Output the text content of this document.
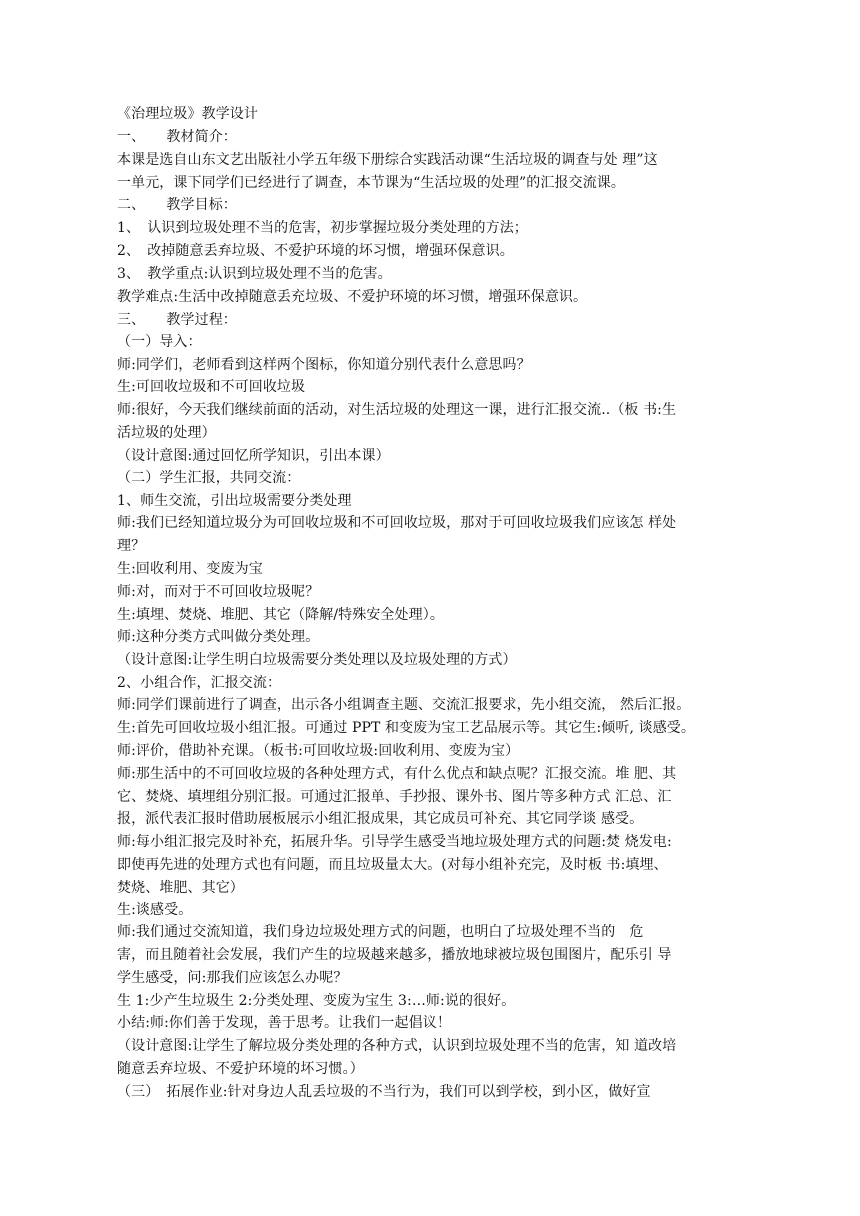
《治理垃圾》教学设计
一、　　教材简介：
本课是选自山东文艺出版社小学五年级下册综合实践活动课“生活垃圾的调查与处 理”这
一单元，课下同学们已经进行了调查，本节课为“生活垃圾的处理”的汇报交流课。
二、　　教学目标：
1、　认识到垃圾处理不当的危害，初步掌握垃圾分类处理的方法；
2、　改掉随意丢弃垃圾、不爱护环境的坏习惯，增强环保意识。
3、　教学重点:认识到垃圾处理不当的危害。
教学难点:生活中改掉随意丢充垃圾、不爱护环境的坏习惯，增强环保意识。
三、　　教学过程：
（一）导入：
师:同学们，老师看到这样两个图标，你知道分别代表什么意思吗？
生:可回收垃圾和不可回收垃圾
师:很好，今天我们继续前面的活动，对生活垃圾的处理这一课，进行汇报交流..（板 书:生
活垃圾的处理）
（设计意图:通过回忆所学知识，引出本课）
（二）学生汇报，共同交流：
1、师生交流，引出垃圾需要分类处理
师:我们已经知道垃圾分为可回收垃圾和不可回收垃圾，那对于可回收垃圾我们应该怎 样处
理？
生:回收利用、变废为宝
师:对，而对于不可回收垃圾呢？
生:填埋、焚烧、堆肥、其它（降解/特殊安全处理）。
师:这种分类方式叫做分类处理。
（设计意图:让学生明白垃圾需要分类处理以及垃圾处理的方式）
2、小组合作，汇报交流：
师:同学们课前进行了调查，出示各小组调查主题、交流汇报要求，先小组交流， 然后汇报。
生:首先可回收垃圾小组汇报。可通过 PPT 和变废为宝工艺品展示等。其它生:倾听, 谈感受。
师:评价，借助补充课。（板书:可回收垃圾:回收利用、变废为宝）
师:那生活中的不可回收垃圾的各种处理方式，有什么优点和缺点呢？汇报交流。堆 肥、其
它、焚烧、填埋组分别汇报。可通过汇报单、手抄报、课外书、图片等多种方式 汇总、汇
报，派代表汇报时借助展板展示小组汇报成果，其它成员可补充、其它同学谈 感受。
师:每小组汇报完及时补充，拓展升华。引导学生感受当地垃圾处理方式的问题:焚 烧发电:
即使再先进的处理方式也有问题，而且垃圾量太大。(对每小组补充完，及时板 书:填埋、
焚烧、堆肥、其它）
生:谈感受。
师:我们通过交流知道，我们身边垃圾处理方式的问题，也明白了垃圾处理不当的　危
害，而且随着社会发展，我们产生的垃圾越来越多，播放地球被垃圾包围图片，配乐引 导
学生感受，问:那我们应该怎么办呢？
生 1:少产生垃圾生 2:分类处理、变废为宝生 3:…师:说的很好。
小结:师:你们善于发现，善于思考。让我们一起倡议！
（设计意图:让学生了解垃圾分类处理的各种方式，认识到垃圾处理不当的危害，知 道改培
随意丢弃垃圾、不爱护环境的坏习惯。）
（三）　拓展作业:针对身边人乱丢垃圾的不当行为，我们可以到学校，到小区，做好宣
